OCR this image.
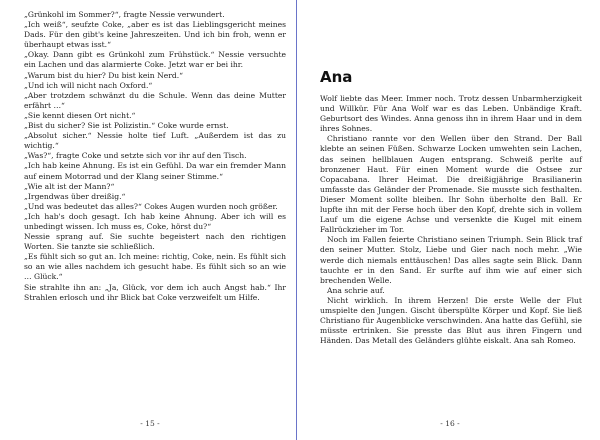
„Grünkohl im Sommer?“, fragte Nessie verwundert.

„Ich weiß“, seufzte Coke, „aber es ist das Lieblingsgericht meines Dads. Für den gibt's keine Jahreszeiten. Und ich bin froh, wenn er überhaupt etwas isst.“

„Okay. Dann gibt es Grünkohl zum Frühstück.“ Nessie versuchte ein Lachen und das alarmierte Coke. Jetzt war er bei ihr.

„Warum bist du hier? Du bist kein Nerd.“

„Und ich will nicht nach Oxford.“

„Aber trotzdem schwänzt du die Schule. Wenn das deine Mutter erfährt …“

„Sie kennt diesen Ort nicht.“

„Bist du sicher? Sie ist Polizistin.“ Coke wurde ernst.

„Absolut sicher.“ Nessie holte tief Luft. „Außerdem ist das zu wichtig.“

„Was?“, fragte Coke und setzte sich vor ihr auf den Tisch.

„Ich hab keine Ahnung. Es ist ein Gefühl. Da war ein fremder Mann auf einem Motorrad und der Klang seiner Stimme.“

„Wie alt ist der Mann?“

„Irgendwas über dreißig.“

„Und was bedeutet das alles?“ Cokes Augen wurden noch größer.

„Ich hab's doch gesagt. Ich hab keine Ahnung. Aber ich will es unbedingt wissen. Ich muss es, Coke, hörst du?“

Nessie sprang auf. Sie suchte begeistert nach den richtigen Worten. Sie tanzte sie schließlich.

„Es fühlt sich so gut an. Ich meine: richtig, Coke, nein. Es fühlt sich so an wie alles nachdem ich gesucht habe. Es fühlt sich so an wie … Glück.“

Sie strahlte ihn an: „Ja, Glück, vor dem ich auch Angst hab.“ Ihr Strahlen erlosch und ihr Blick bat Coke verzweifelt um Hilfe.

- 15 -
Ana

Wolf liebte das Meer. Immer noch. Trotz dessen Unbarmherzigkeit und Willkür. Für Ana Wolf war es das Leben. Unbändige Kraft. Geburtsort des Windes. Anna genoss ihn in ihrem Haar und in dem ihres Sohnes.

Christiano rannte vor den Wellen über den Strand. Der Ball klebte an seinen Füßen. Schwarze Locken umwehten sein Lachen, das seinen hellblauen Augen entsprang. Schweiß perlte auf bronzener Haut. Für einen Moment wurde die Ostsee zur Copacabana. Ihrer Heimat. Die dreißigjährige Brasilianerin umfasste das Geländer der Promenade. Sie musste sich festhalten. Dieser Moment sollte bleiben. Ihr Sohn überholte den Ball. Er lupfte ihn mit der Ferse hoch über den Kopf, drehte sich in vollem Lauf um die eigene Achse und versenkte die Kugel mit einem Fallrückzieher im Tor.

Noch im Fallen feierte Christiano seinen Triumph. Sein Blick traf den seiner Mutter. Stolz, Liebe und Gier nach noch mehr. „Wie werde dich niemals enttäuschen! Das alles sagte sein Blick. Dann tauchte er in den Sand. Er surfte auf ihm wie auf einer sich brechenden Welle.

Ana schrie auf.

Nicht wirklich. In ihrem Herzen! Die erste Welle der Flut umspielte den Jungen. Gischt überspülte Körper und Kopf. Sie ließ Christiano für Augenblicke verschwinden. Ana hatte das Gefühl, sie müsste ertrinken. Sie presste das Blut aus ihren Fingern und Händen. Das Metall des Geländers glühte eiskalt. Ana sah Romeo.

- 16 -
